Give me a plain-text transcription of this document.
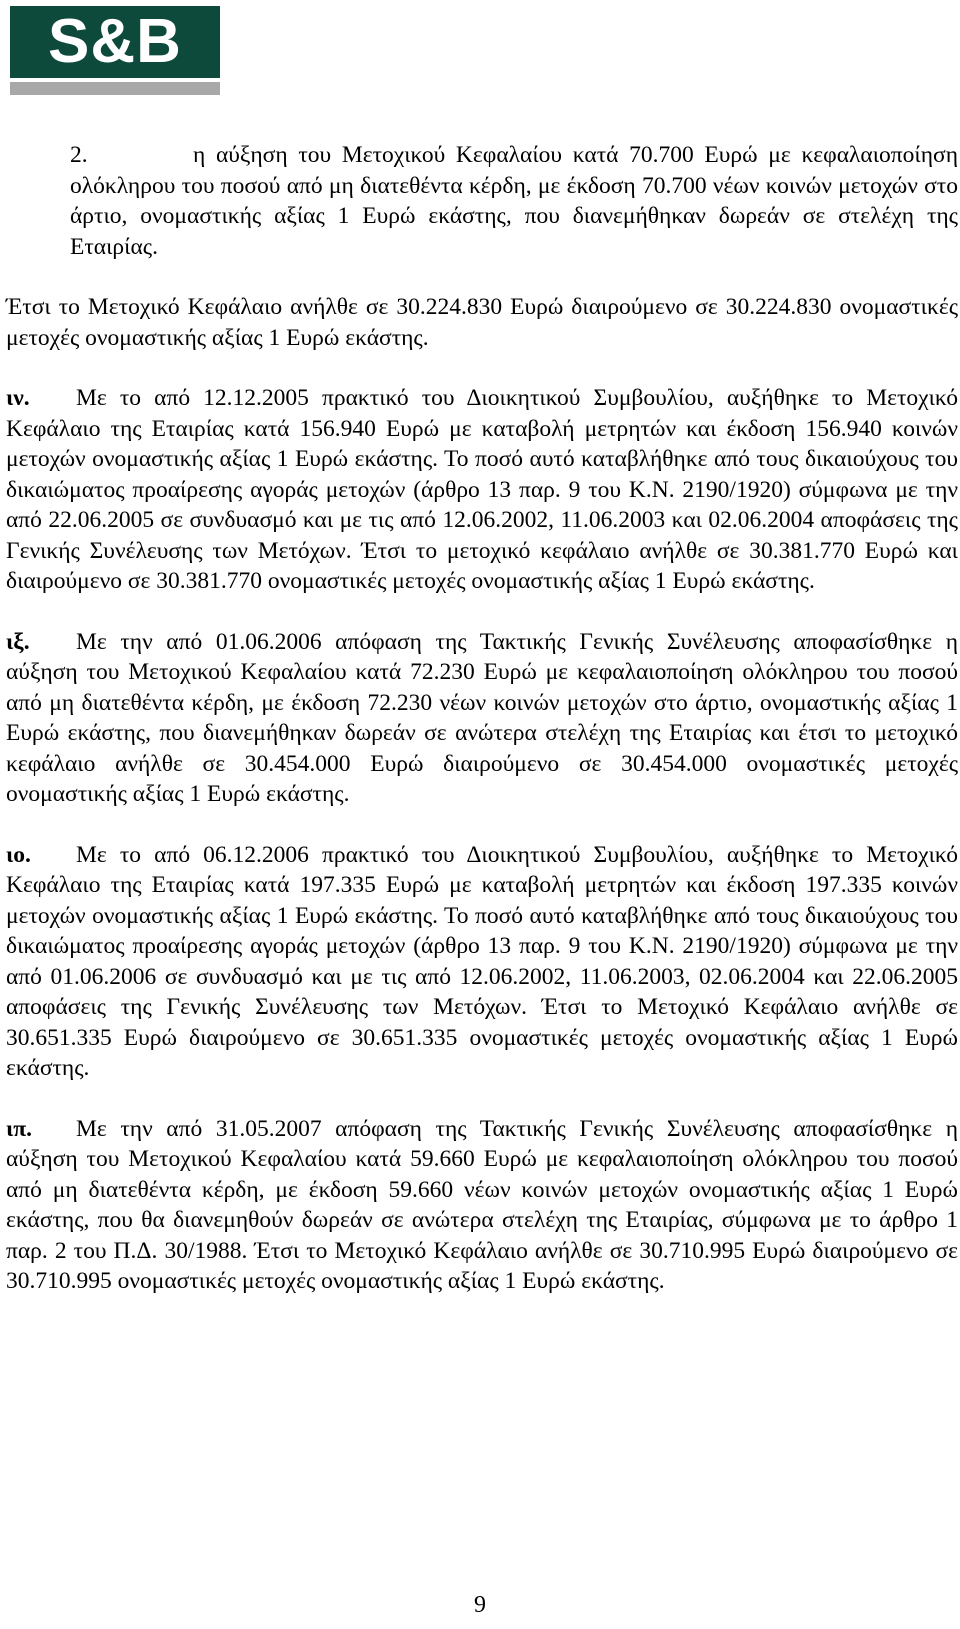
S&B

2.	η αύξηση του Μετοχικού Κεφαλαίου κατά 70.700 Ευρώ με κεφαλαιοποίηση ολόκληρου του ποσού από μη διατεθέντα κέρδη, με έκδοση 70.700 νέων κοινών μετοχών στο άρτιο, ονομαστικής αξίας 1 Ευρώ εκάστης, που διανεμήθηκαν δωρεάν σε στελέχη της Εταιρίας.

Έτσι το Μετοχικό Κεφάλαιο ανήλθε σε 30.224.830 Ευρώ διαιρούμενο σε 30.224.830 ονομαστικές μετοχές ονομαστικής αξίας 1 Ευρώ εκάστης.

ιν. Με το από 12.12.2005 πρακτικό του Διοικητικού Συμβουλίου, αυξήθηκε το Μετοχικό Κεφάλαιο της Εταιρίας κατά 156.940 Ευρώ με καταβολή μετρητών και έκδοση 156.940 κοινών μετοχών ονομαστικής αξίας 1 Ευρώ εκάστης. Το ποσό αυτό καταβλήθηκε από τους δικαιούχους του δικαιώματος προαίρεσης αγοράς μετοχών (άρθρο 13 παρ. 9 του Κ.Ν. 2190/1920) σύμφωνα με την από 22.06.2005 σε συνδυασμό και με τις από 12.06.2002, 11.06.2003 και 02.06.2004 αποφάσεις της Γενικής Συνέλευσης των Μετόχων. Έτσι το μετοχικό κεφάλαιο ανήλθε σε 30.381.770 Ευρώ και διαιρούμενο σε 30.381.770 ονομαστικές μετοχές ονομαστικής αξίας 1 Ευρώ εκάστης.

ιξ. Με την από 01.06.2006 απόφαση της Τακτικής Γενικής Συνέλευσης αποφασίσθηκε η αύξηση του Μετοχικού Κεφαλαίου κατά 72.230 Ευρώ με κεφαλαιοποίηση ολόκληρου του ποσού από μη διατεθέντα κέρδη, με έκδοση 72.230 νέων κοινών μετοχών στο άρτιο, ονομαστικής αξίας 1 Ευρώ εκάστης, που διανεμήθηκαν δωρεάν σε ανώτερα στελέχη της Εταιρίας και έτσι το μετοχικό κεφάλαιο ανήλθε σε 30.454.000 Ευρώ διαιρούμενο σε 30.454.000 ονομαστικές μετοχές ονομαστικής αξίας 1 Ευρώ εκάστης.

ιο. Με το από 06.12.2006 πρακτικό του Διοικητικού Συμβουλίου, αυξήθηκε το Μετοχικό Κεφάλαιο της Εταιρίας κατά 197.335 Ευρώ με καταβολή μετρητών και έκδοση 197.335 κοινών μετοχών ονομαστικής αξίας 1 Ευρώ εκάστης. Το ποσό αυτό καταβλήθηκε από τους δικαιούχους του δικαιώματος προαίρεσης αγοράς μετοχών (άρθρο 13 παρ. 9 του Κ.Ν. 2190/1920) σύμφωνα με την από 01.06.2006 σε συνδυασμό και με τις από 12.06.2002, 11.06.2003, 02.06.2004 και 22.06.2005 αποφάσεις της Γενικής Συνέλευσης των Μετόχων. Έτσι το Μετοχικό Κεφάλαιο ανήλθε σε 30.651.335 Ευρώ διαιρούμενο σε 30.651.335 ονομαστικές μετοχές ονομαστικής αξίας 1 Ευρώ εκάστης.

ιπ. Με την από 31.05.2007 απόφαση της Τακτικής Γενικής Συνέλευσης αποφασίσθηκε η αύξηση του Μετοχικού Κεφαλαίου κατά 59.660 Ευρώ με κεφαλαιοποίηση ολόκληρου του ποσού από μη διατεθέντα κέρδη, με έκδοση 59.660 νέων κοινών μετοχών ονομαστικής αξίας 1 Ευρώ εκάστης, που θα διανεμηθούν δωρεάν σε ανώτερα στελέχη της Εταιρίας, σύμφωνα με το άρθρο 1 παρ. 2 του Π.Δ. 30/1988. Έτσι το Μετοχικό Κεφάλαιο ανήλθε σε 30.710.995 Ευρώ διαιρούμενο σε 30.710.995 ονομαστικές μετοχές ονομαστικής αξίας 1 Ευρώ εκάστης.

9
